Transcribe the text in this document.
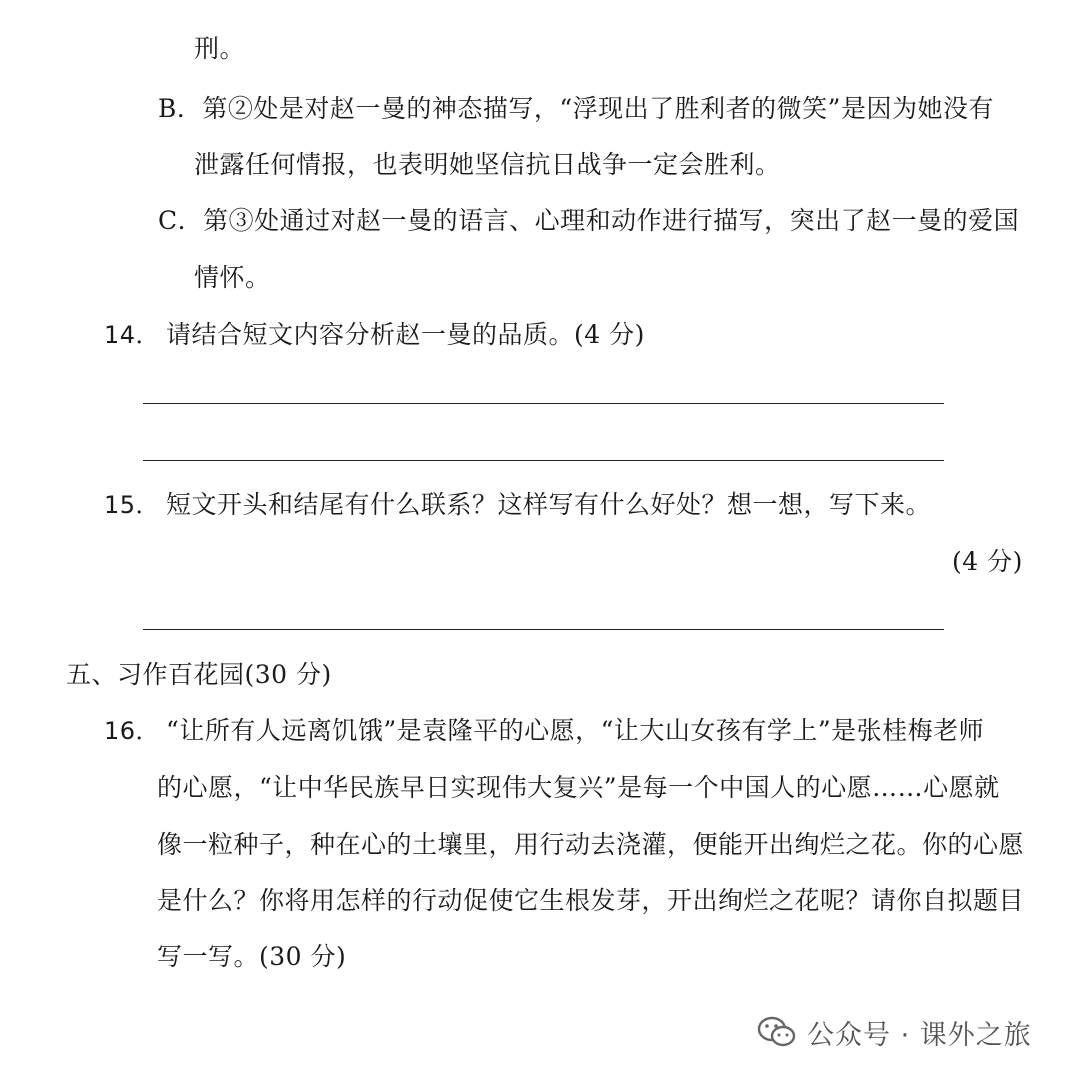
刑。
B．第②处是对赵一曼的神态描写，“浮现出了胜利者的微笑”是因为她没有
泄露任何情报，也表明她坚信抗日战争一定会胜利。
C．第③处通过对赵一曼的语言、心理和动作进行描写，突出了赵一曼的爱国
情怀。
14． 请结合短文内容分析赵一曼的品质。(4 分)
15． 短文开头和结尾有什么联系？这样写有什么好处？想一想，写下来。
(4 分)
五、习作百花园(30 分)
16． “让所有人远离饥饿”是袁隆平的心愿，“让大山女孩有学上”是张桂梅老师
的心愿，“让中华民族早日实现伟大复兴”是每一个中国人的心愿……心愿就
像一粒种子，种在心的土壤里，用行动去浇灌，便能开出绚烂之花。你的心愿
是什么？你将用怎样的行动促使它生根发芽，开出绚烂之花呢？请你自拟题目
写一写。(30 分)
公众号 · 课外之旅
